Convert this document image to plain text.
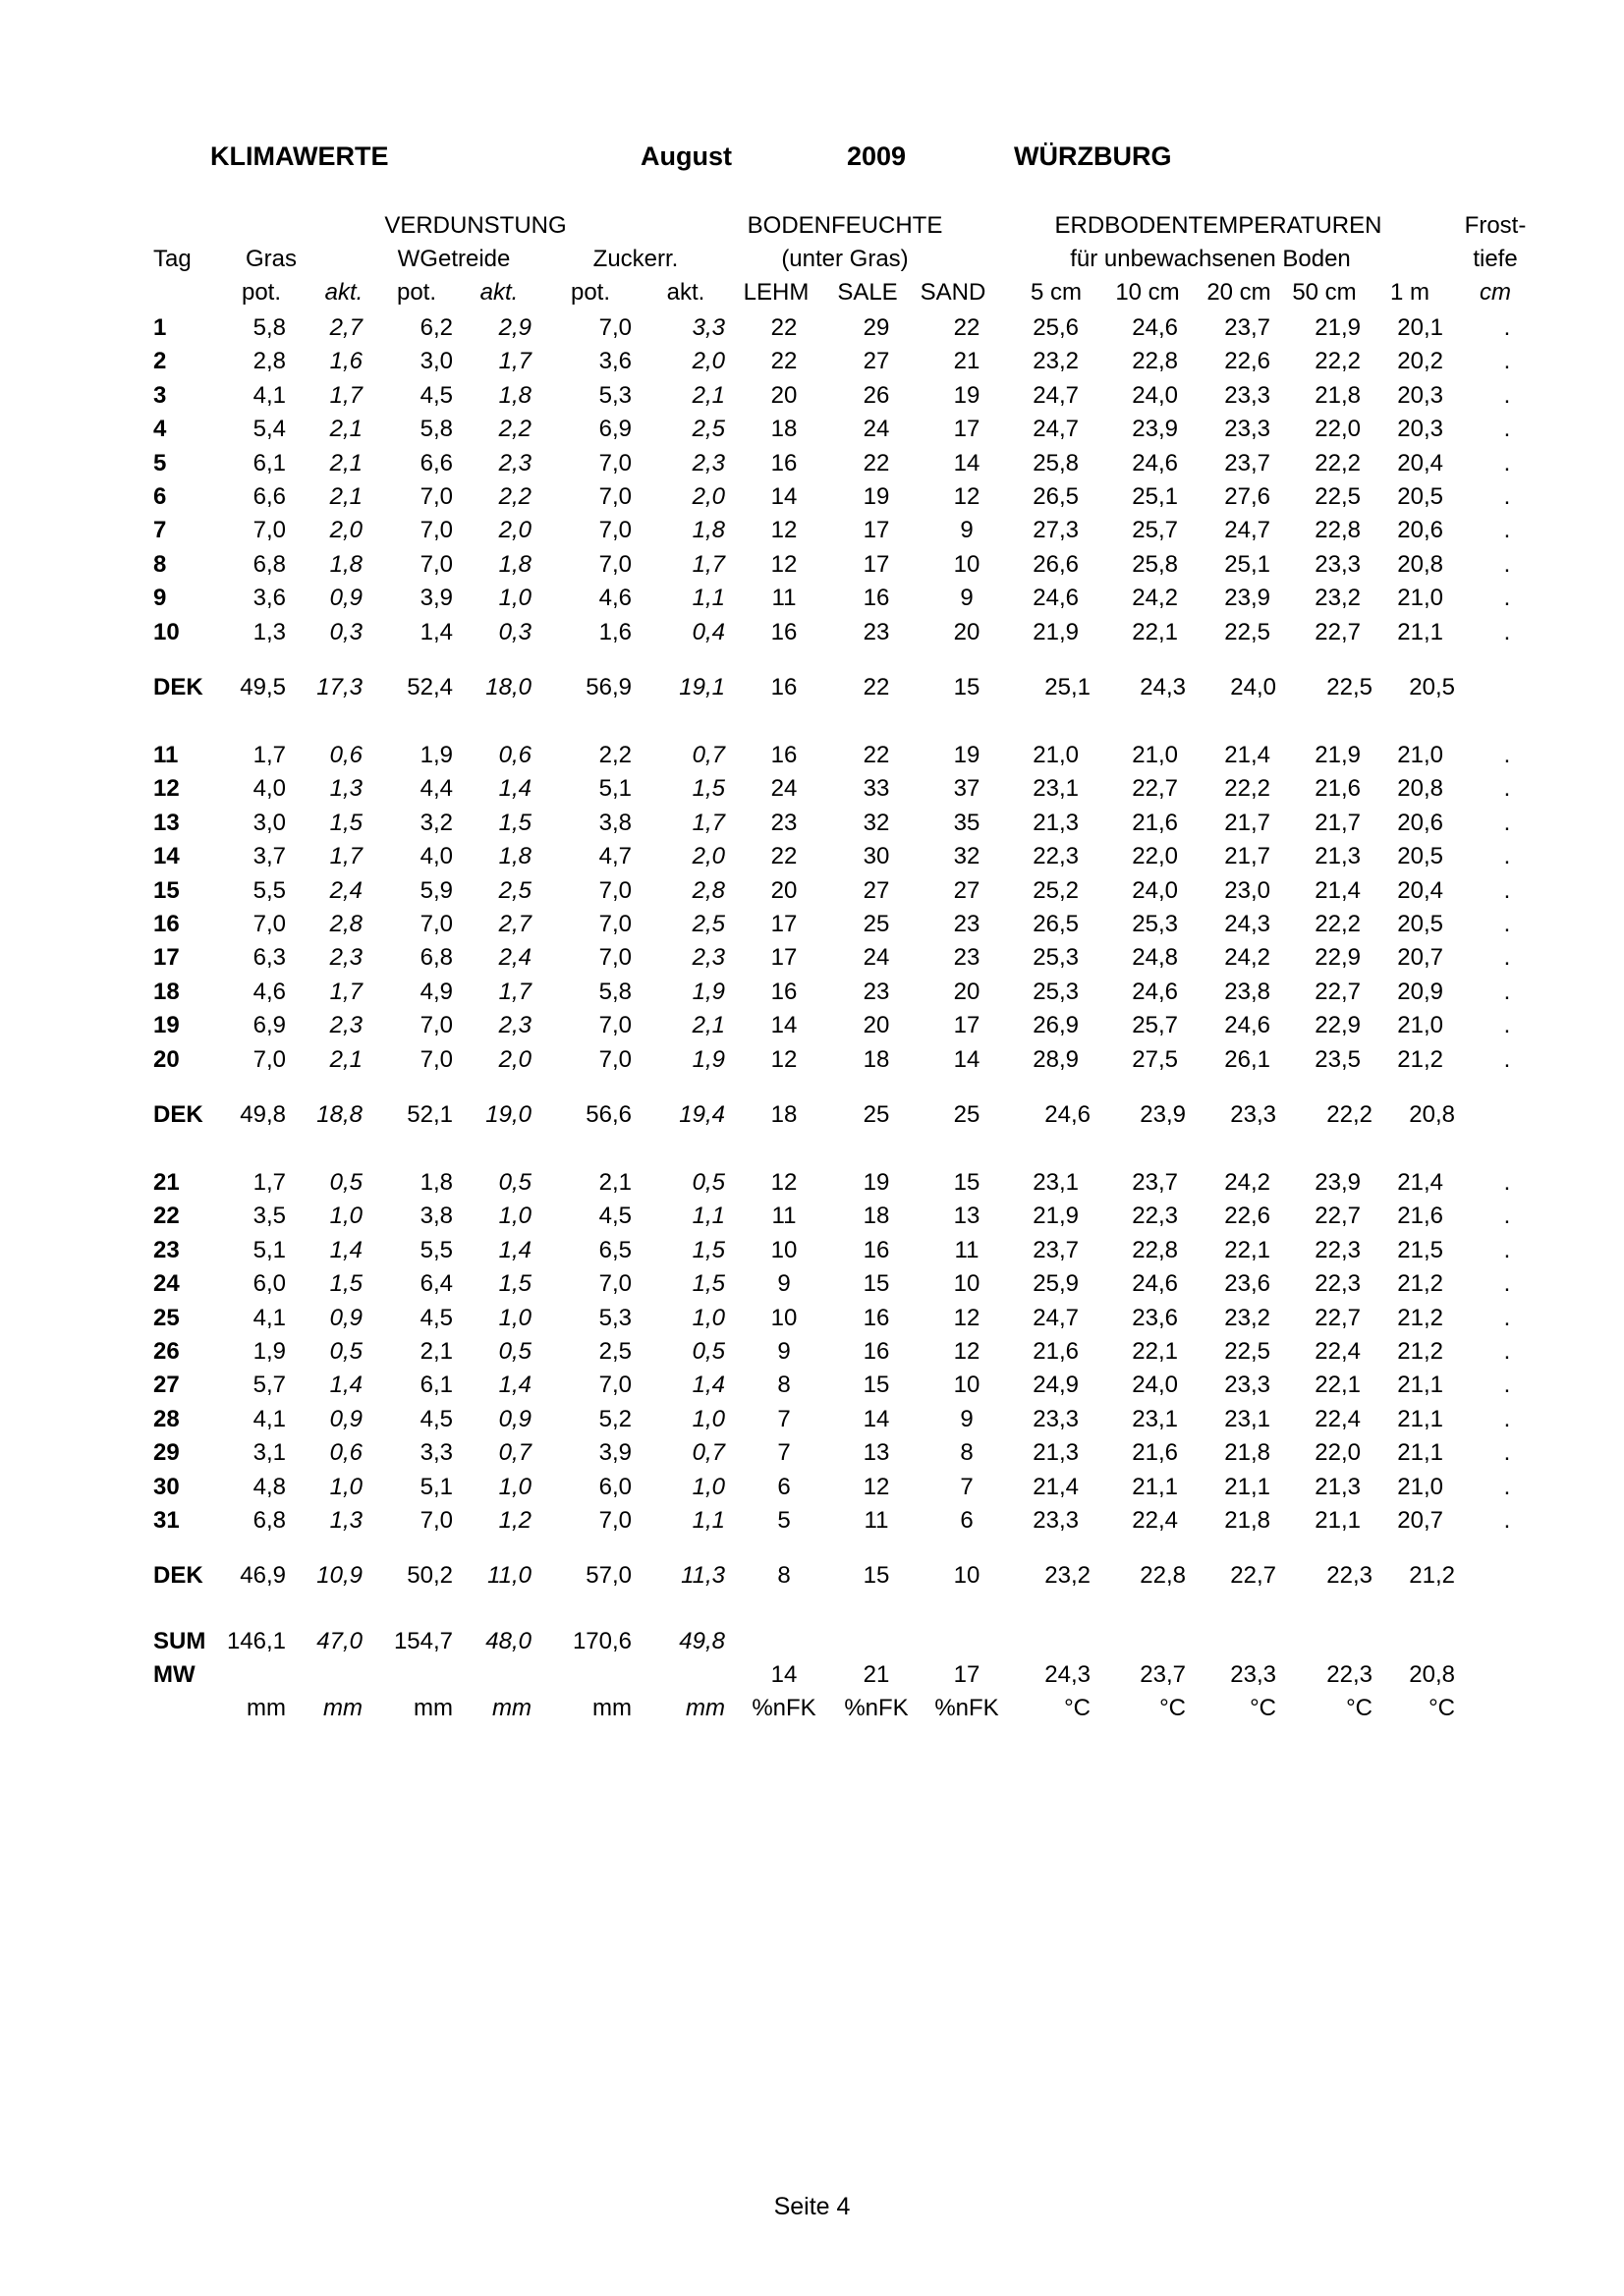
KLIMAWERTE	August	2009	WÜRZBURG
VERDUNSTUNG	BODENFEUCHTE	ERDBODENTEMPERATUREN	Frost-
Tag Gras	WGetreide	Zuckerr.	(unter Gras)	für unbewachsenen Boden	tiefe
pot. akt. pot. akt. pot. akt. LEHM SALE SAND 5 cm 10 cm 20 cm 50 cm 1 m cm
1	5,8 2,7 6,2 2,9	7,0	3,3 22	29	22 25,6 24,6 23,7 21,9 20,1	.
2	2,8 1,6 3,0 1,7	3,6	2,0 22	27	21 23,2 22,8 22,6 22,2 20,2	.
3	4,1 1,7 4,5 1,8	5,3	2,1 20	26	19 24,7 24,0 23,3 21,8 20,3	.
4	5,4 2,1 5,8 2,2	6,9	2,5 18	24	17 24,7 23,9 23,3 22,0 20,3	.
5	6,1 2,1 6,6 2,3	7,0	2,3 16	22	14 25,8 24,6 23,7 22,2 20,4	.
6	6,6 2,1 7,0 2,2	7,0	2,0 14	19	12 26,5 25,1 27,6 22,5 20,5	.
7	7,0 2,0 7,0 2,0	7,0	1,8 12	17	9	27,3 25,7 24,7 22,8 20,6	.
8	6,8 1,8 7,0 1,8	7,0	1,7 12	17	10 26,6 25,8 25,1 23,3 20,8	.
9	3,6 0,9 3,9 1,0	4,6	1,1 11	16	9	24,6 24,2 23,9 23,2 21,0	.
10	1,3 0,3 1,4 0,3	1,6	0,4 16	23	20 21,9 22,1 22,5 22,7 21,1	.
DEK 49,5 17,3 52,4 18,0 56,9 19,1 16	22	15	25,1 24,3 24,0 22,5 20,5
11	1,7 0,6 1,9 0,6	2,2	0,7 16	22	19 21,0 21,0 21,4 21,9 21,0	.
12	4,0 1,3 4,4 1,4	5,1	1,5 24	33	37 23,1 22,7 22,2 21,6 20,8	.
13	3,0 1,5 3,2 1,5	3,8	1,7 23	32	35 21,3 21,6 21,7 21,7 20,6	.
14	3,7 1,7 4,0 1,8	4,7	2,0 22	30	32 22,3 22,0 21,7 21,3 20,5	.
15	5,5 2,4 5,9 2,5	7,0	2,8 20	27	27 25,2 24,0 23,0 21,4 20,4	.
16	7,0 2,8 7,0 2,7	7,0	2,5 17	25	23 26,5 25,3 24,3 22,2 20,5	.
17	6,3 2,3 6,8 2,4	7,0	2,3 17	24	23 25,3 24,8 24,2 22,9 20,7	.
18	4,6 1,7 4,9 1,7	5,8	1,9 16	23	20 25,3 24,6 23,8 22,7 20,9	.
19	6,9 2,3 7,0 2,3	7,0	2,1 14	20	17 26,9 25,7 24,6 22,9 21,0	.
20	7,0 2,1 7,0 2,0	7,0	1,9 12	18	14 28,9 27,5 26,1 23,5 21,2	.
DEK 49,8 18,8 52,1 19,0 56,6 19,4 18	25	25	24,6 23,9 23,3 22,2 20,8
21	1,7 0,5 1,8 0,5	2,1	0,5 12	19	15 23,1 23,7 24,2 23,9 21,4	.
22	3,5 1,0 3,8 1,0	4,5	1,1 11	18	13 21,9 22,3 22,6 22,7 21,6	.
23	5,1 1,4 5,5 1,4	6,5	1,5 10	16	11 23,7 22,8 22,1 22,3 21,5	.
24	6,0 1,5 6,4 1,5	7,0	1,5 9	15	10 25,9 24,6 23,6 22,3 21,2	.
25	4,1 0,9 4,5 1,0	5,3	1,0 10	16	12 24,7 23,6 23,2 22,7 21,2	.
26	1,9 0,5 2,1 0,5	2,5	0,5 9	16	12 21,6 22,1 22,5 22,4 21,2	.
27	5,7 1,4 6,1 1,4	7,0	1,4 8	15	10 24,9 24,0 23,3 22,1 21,1	.
28	4,1 0,9 4,5 0,9	5,2	1,0 7	14	9	23,3 23,1 23,1 22,4 21,1	.
29	3,1 0,6 3,3 0,7	3,9	0,7 7	13	8	21,3 21,6 21,8 22,0 21,1	.
30	4,8 1,0 5,1 1,0	6,0	1,0 6	12	7	21,4 21,1 21,1 21,3 21,0	.
31	6,8 1,3 7,0 1,2	7,0	1,1 5	11	6	23,3 22,4 21,8 21,1 20,7	.
DEK 46,9 10,9 50,2 11,0 57,0 11,3 8	15	10	23,2 22,8 22,7 22,3 21,2
SUM 146,1 47,0 154,7 48,0 170,6 49,8
MW	14	21	17	24,3 23,7 23,3 22,3 20,8
mm mm mm mm	mm mm %nFK %nFK %nFK	°C	°C	°C	°C °C
Seite 4
